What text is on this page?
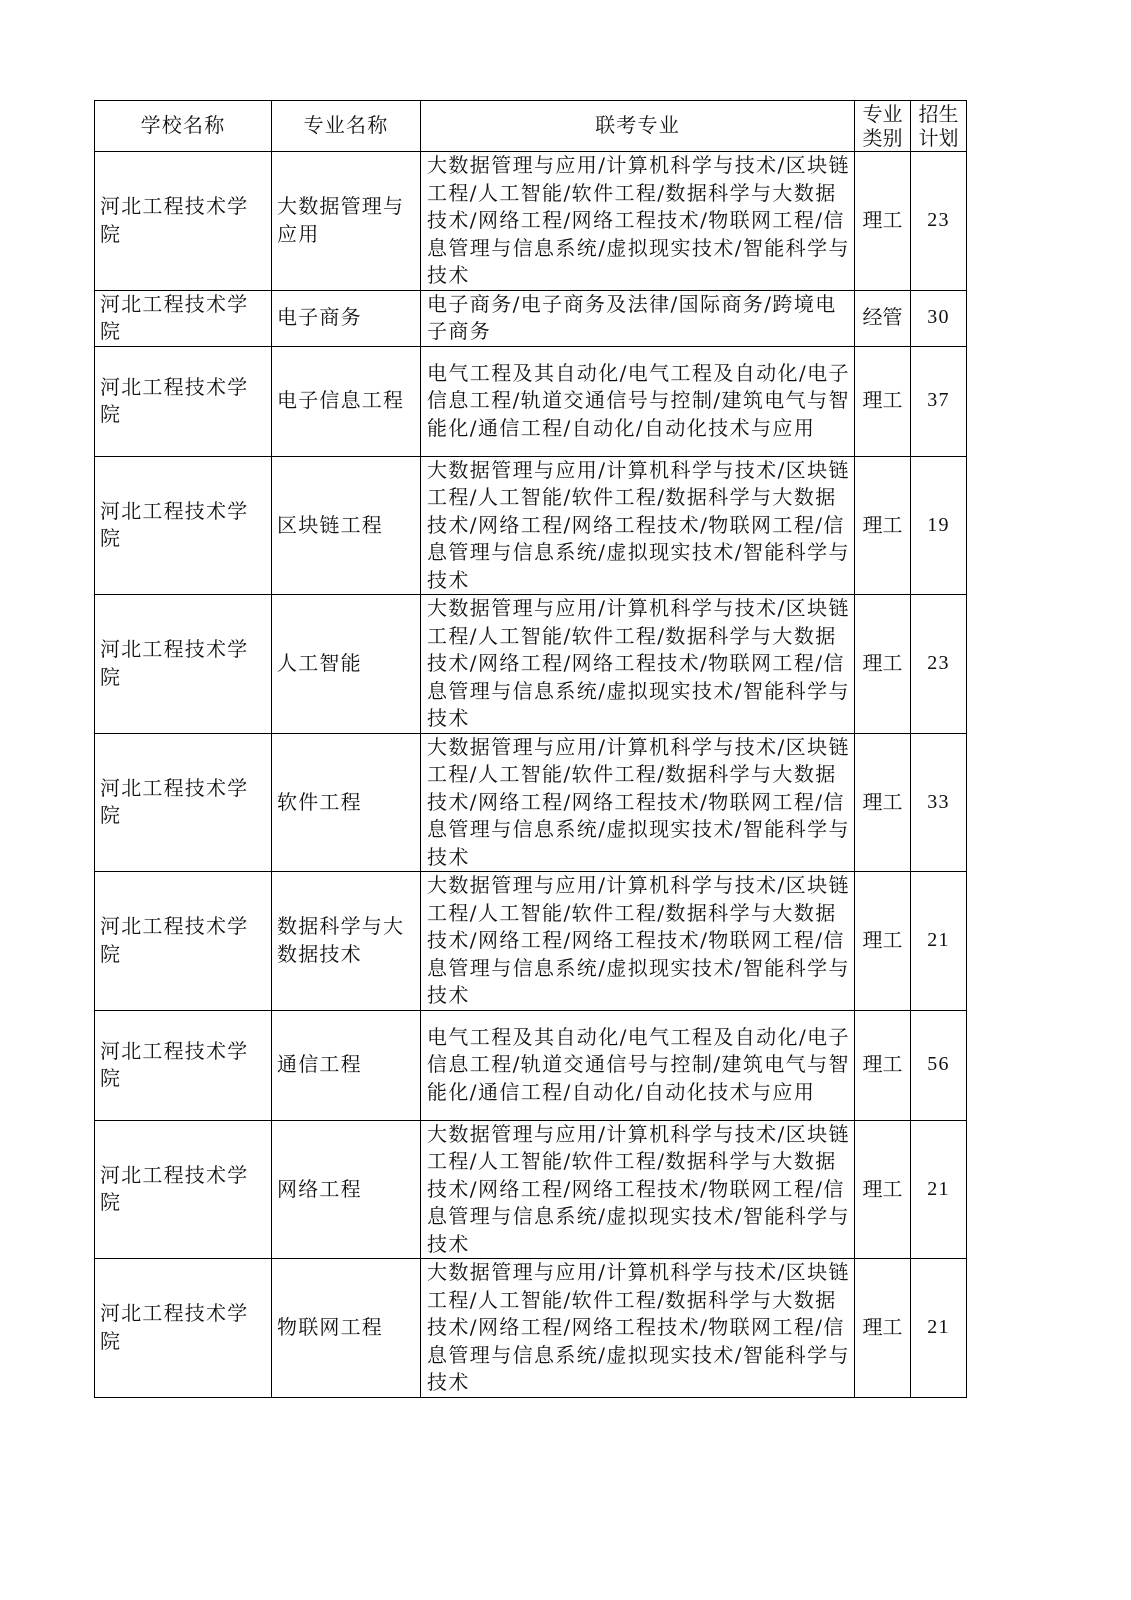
学校名称	专业名称	联考专业	专业类别	招生计划
河北工程技术学院	大数据管理与应用	大数据管理与应用/计算机科学与技术/区块链工程/人工智能/软件工程/数据科学与大数据技术/网络工程/网络工程技术/物联网工程/信息管理与信息系统/虚拟现实技术/智能科学与技术	理工	23
河北工程技术学院	电子商务	电子商务/电子商务及法律/国际商务/跨境电子商务	经管	30
河北工程技术学院	电子信息工程	电气工程及其自动化/电气工程及自动化/电子信息工程/轨道交通信号与控制/建筑电气与智能化/通信工程/自动化/自动化技术与应用	理工	37
河北工程技术学院	区块链工程	大数据管理与应用/计算机科学与技术/区块链工程/人工智能/软件工程/数据科学与大数据技术/网络工程/网络工程技术/物联网工程/信息管理与信息系统/虚拟现实技术/智能科学与技术	理工	19
河北工程技术学院	人工智能	大数据管理与应用/计算机科学与技术/区块链工程/人工智能/软件工程/数据科学与大数据技术/网络工程/网络工程技术/物联网工程/信息管理与信息系统/虚拟现实技术/智能科学与技术	理工	23
河北工程技术学院	软件工程	大数据管理与应用/计算机科学与技术/区块链工程/人工智能/软件工程/数据科学与大数据技术/网络工程/网络工程技术/物联网工程/信息管理与信息系统/虚拟现实技术/智能科学与技术	理工	33
河北工程技术学院	数据科学与大数据技术	大数据管理与应用/计算机科学与技术/区块链工程/人工智能/软件工程/数据科学与大数据技术/网络工程/网络工程技术/物联网工程/信息管理与信息系统/虚拟现实技术/智能科学与技术	理工	21
河北工程技术学院	通信工程	电气工程及其自动化/电气工程及自动化/电子信息工程/轨道交通信号与控制/建筑电气与智能化/通信工程/自动化/自动化技术与应用	理工	56
河北工程技术学院	网络工程	大数据管理与应用/计算机科学与技术/区块链工程/人工智能/软件工程/数据科学与大数据技术/网络工程/网络工程技术/物联网工程/信息管理与信息系统/虚拟现实技术/智能科学与技术	理工	21
河北工程技术学院	物联网工程	大数据管理与应用/计算机科学与技术/区块链工程/人工智能/软件工程/数据科学与大数据技术/网络工程/网络工程技术/物联网工程/信息管理与信息系统/虚拟现实技术/智能科学与技术	理工	21
